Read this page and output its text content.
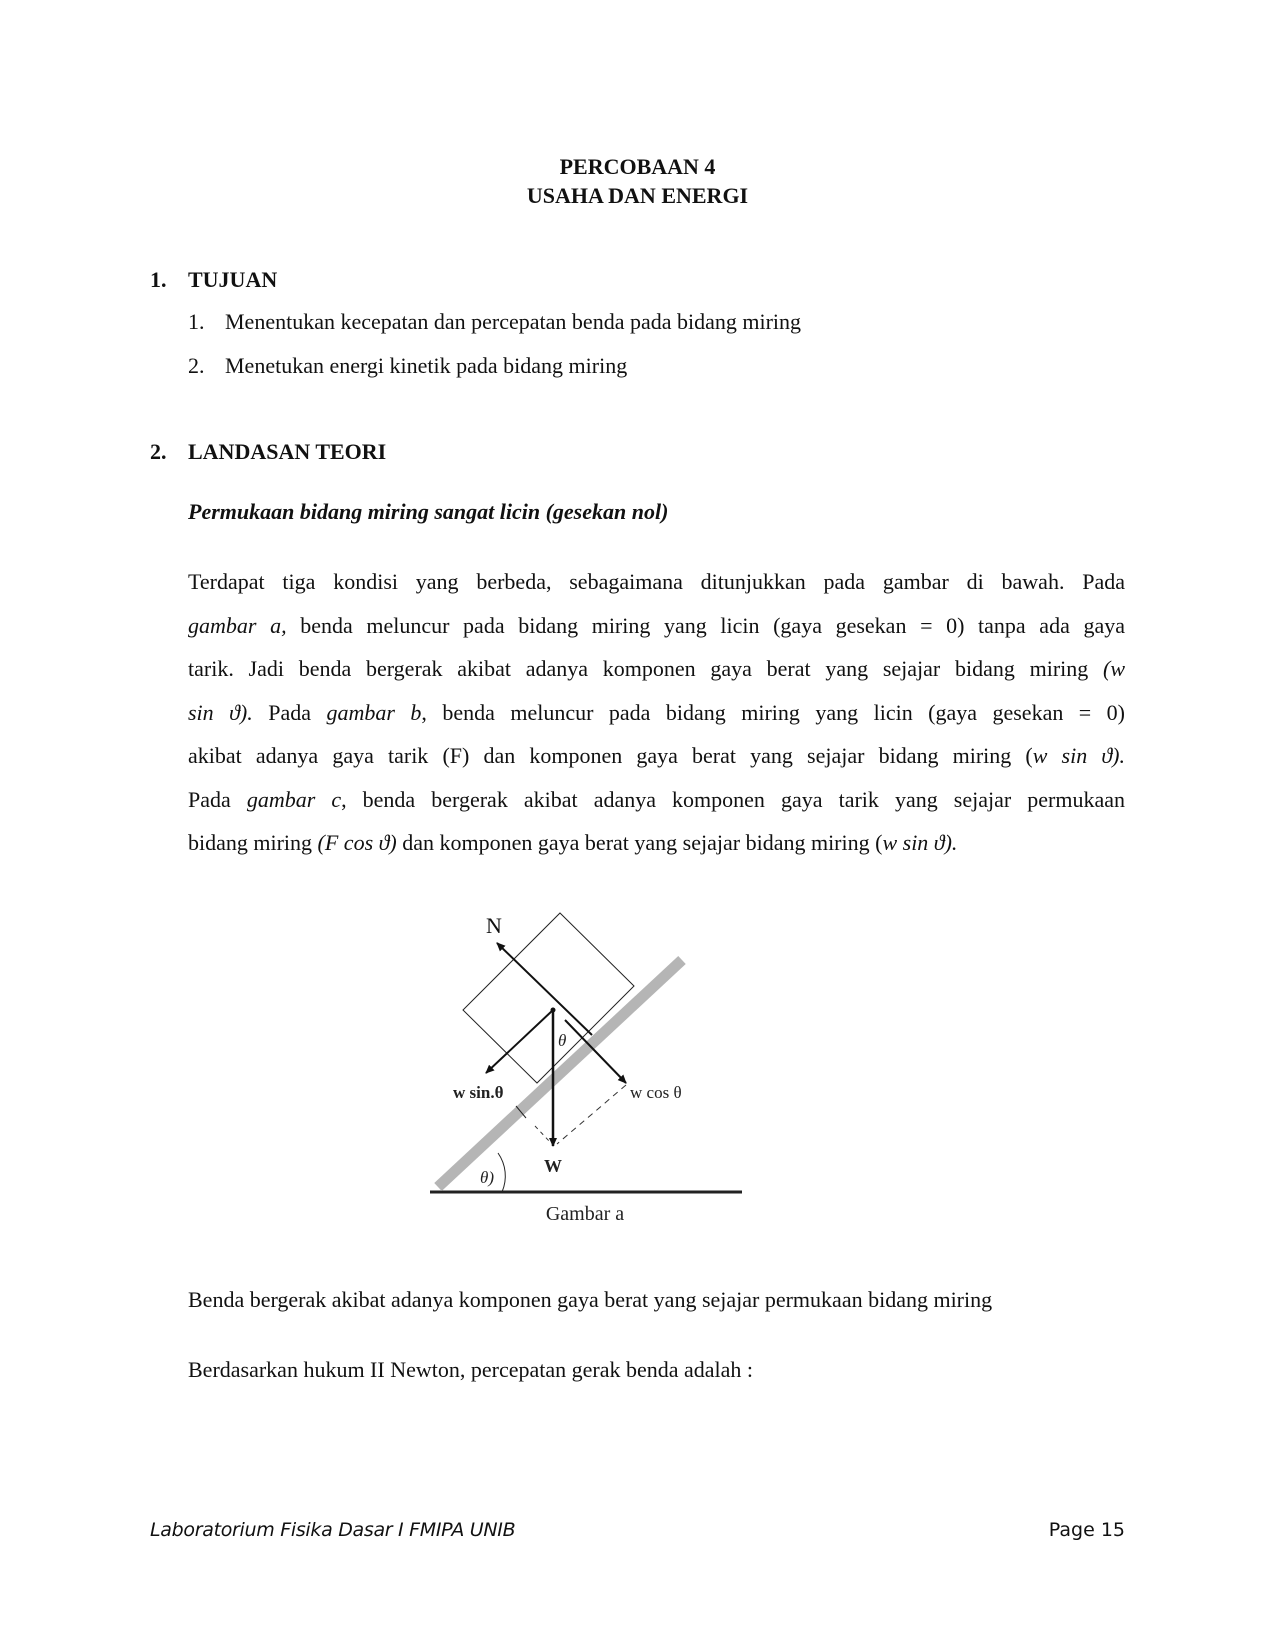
PERCOBAAN 4
USAHA DAN ENERGI
1. TUJUAN
1. Menentukan kecepatan dan percepatan benda pada bidang miring
2. Menetukan energi kinetik pada bidang miring
2. LANDASAN TEORI
Permukaan bidang miring sangat licin (gesekan nol)
Terdapat tiga kondisi yang berbeda, sebagaimana ditunjukkan pada gambar di bawah. Pada
gambar a, benda meluncur pada bidang miring yang licin (gaya gesekan = 0) tanpa ada gaya
tarik. Jadi benda bergerak akibat adanya komponen gaya berat yang sejajar bidang miring (w
sin ϑ). Pada gambar b, benda meluncur pada bidang miring yang licin (gaya gesekan = 0)
akibat adanya gaya tarik (F) dan komponen gaya berat yang sejajar bidang miring (w sin ϑ).
Pada gambar c, benda bergerak akibat adanya komponen gaya tarik yang sejajar permukaan
bidang miring (F cos ϑ) dan komponen gaya berat yang sejajar bidang miring (w sin ϑ).
N
w sin.θ	w cos θ
W
θ
θ)
Gambar a
Benda bergerak akibat adanya komponen gaya berat yang sejajar permukaan bidang miring
Berdasarkan hukum II Newton, percepatan gerak benda adalah :
Laboratorium Fisika Dasar I FMIPA UNIB	Page 15
